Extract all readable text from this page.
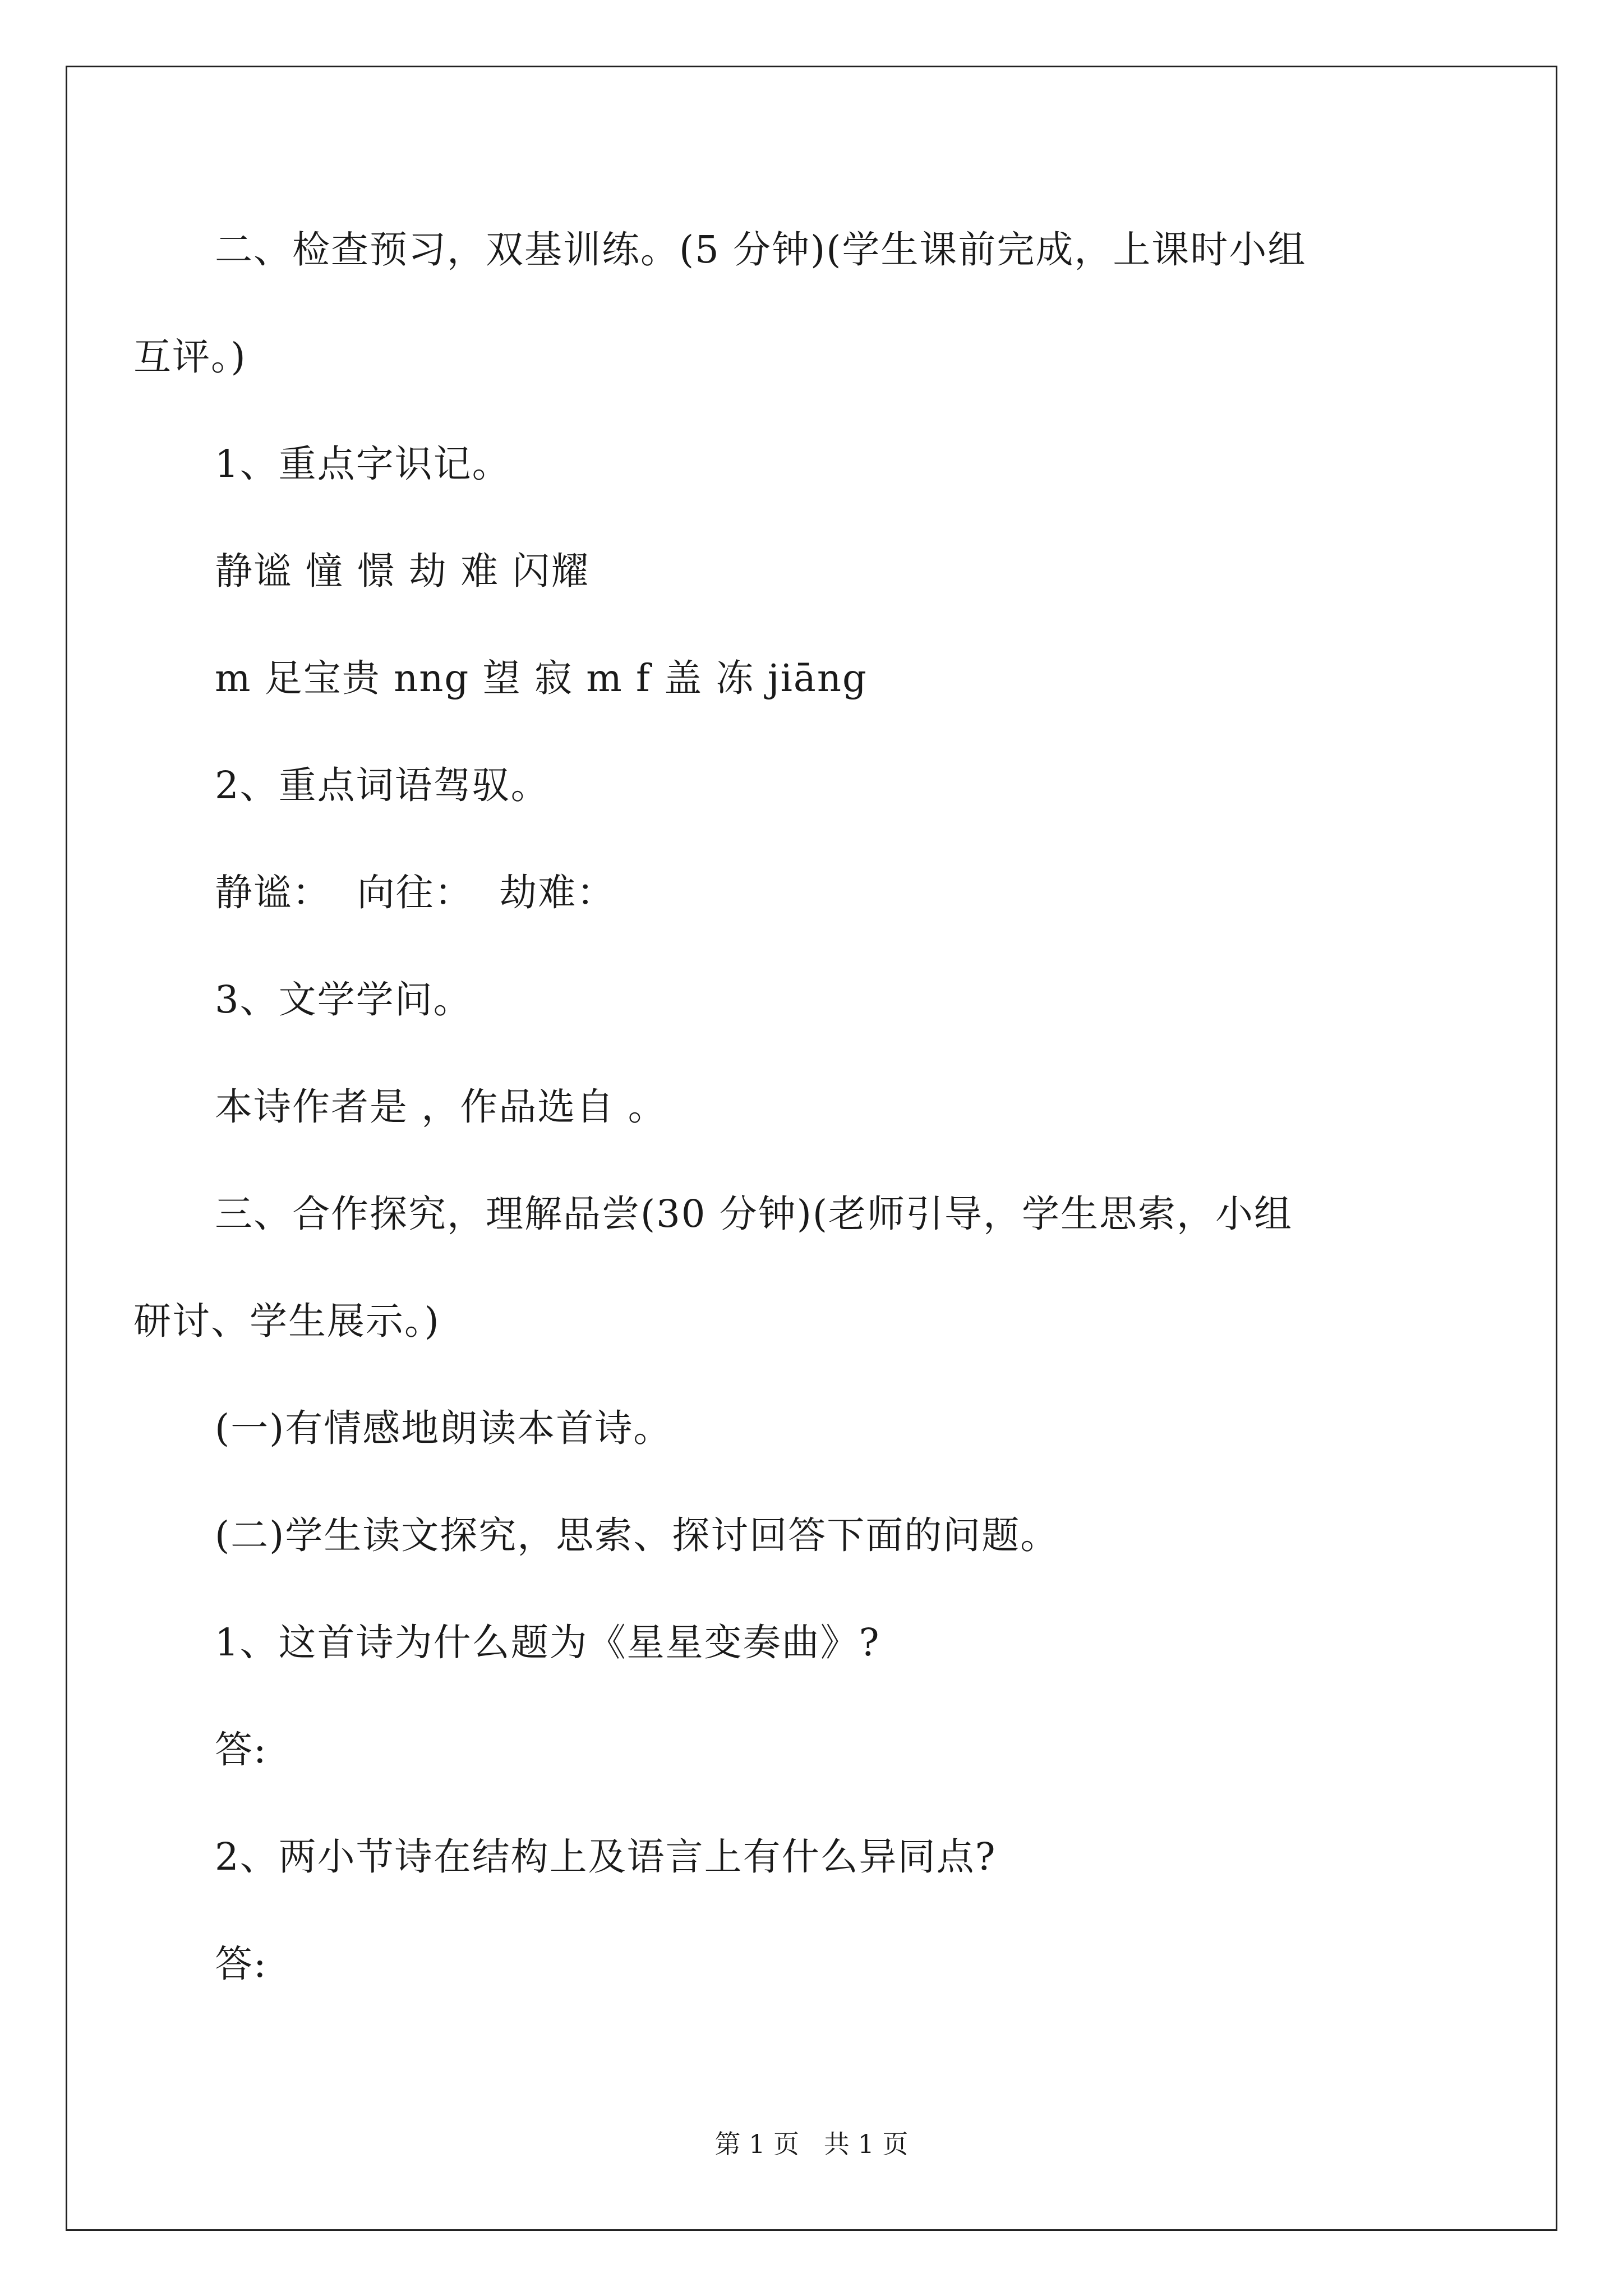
二、检查预习，双基训练。(5 分钟)(学生课前完成，上课时小组

互评。)

1、重点字识记。

静谧 憧 憬 劫 难 闪耀

m 足宝贵 nng 望 寂 m f 盖 冻 jiāng

2、重点词语驾驭。

静谧：  向往：  劫难：

3、文学学问。

本诗作者是 ，作品选自 。

三、合作探究，理解品尝(30 分钟)(老师引导，学生思索，小组

研讨、学生展示。)

(一)有情感地朗读本首诗。

(二)学生读文探究，思索、探讨回答下面的问题。

1、这首诗为什么题为《星星变奏曲》?

答:

2、两小节诗在结构上及语言上有什么异同点?

答:

第 1 页   共 1 页
